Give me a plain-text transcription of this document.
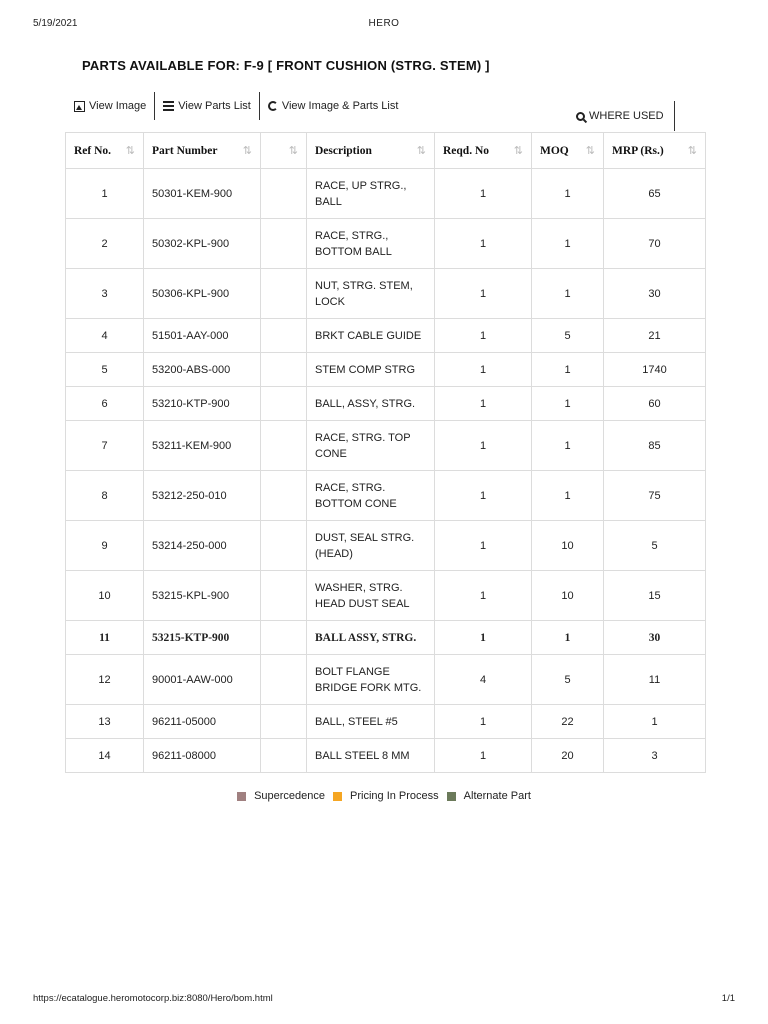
5/19/2021	HERO
PARTS AVAILABLE FOR: F-9 [ FRONT CUSHION (STRG. STEM) ]
View Image	View Parts List	View Image & Parts List
WHERE USED
Ref No. ⇅	Part Number ⇅	⇅	Description ⇅	Reqd. No ⇅	MOQ ⇅	MRP (Rs.) ⇅

1	50301-KEM-900		RACE, UP STRG.,
BALL	1	1	65
2	50302-KPL-900		RACE, STRG.,
BOTTOM BALL	1	1	70
3	50306-KPL-900		NUT, STRG. STEM,
LOCK	1	1	30
4	51501-AAY-000		BRKT CABLE GUIDE	1	5	21
5	53200-ABS-000		STEM COMP STRG	1	1	1740
6	53210-KTP-900		BALL, ASSY, STRG.	1	1	60
7	53211-KEM-900		RACE, STRG. TOP
CONE	1	1	85
8	53212-250-010		RACE, STRG.
BOTTOM CONE	1	1	75
9	53214-250-000		DUST, SEAL STRG.
(HEAD)	1	10	5
10	53215-KPL-900		WASHER, STRG.
HEAD DUST SEAL	1	10	15
11	53215-KTP-900		BALL ASSY, STRG.	1	1	30
12	90001-AAW-000		BOLT FLANGE
BRIDGE FORK MTG.	4	5	11
13	96211-05000		BALL, STEEL #5	1	22	1
14	96211-08000		BALL STEEL 8 MM	1	20	3
Supercedence Pricing In Process Alternate Part
https://ecatalogue.heromotocorp.biz:8080/Hero/bom.html	1/1
